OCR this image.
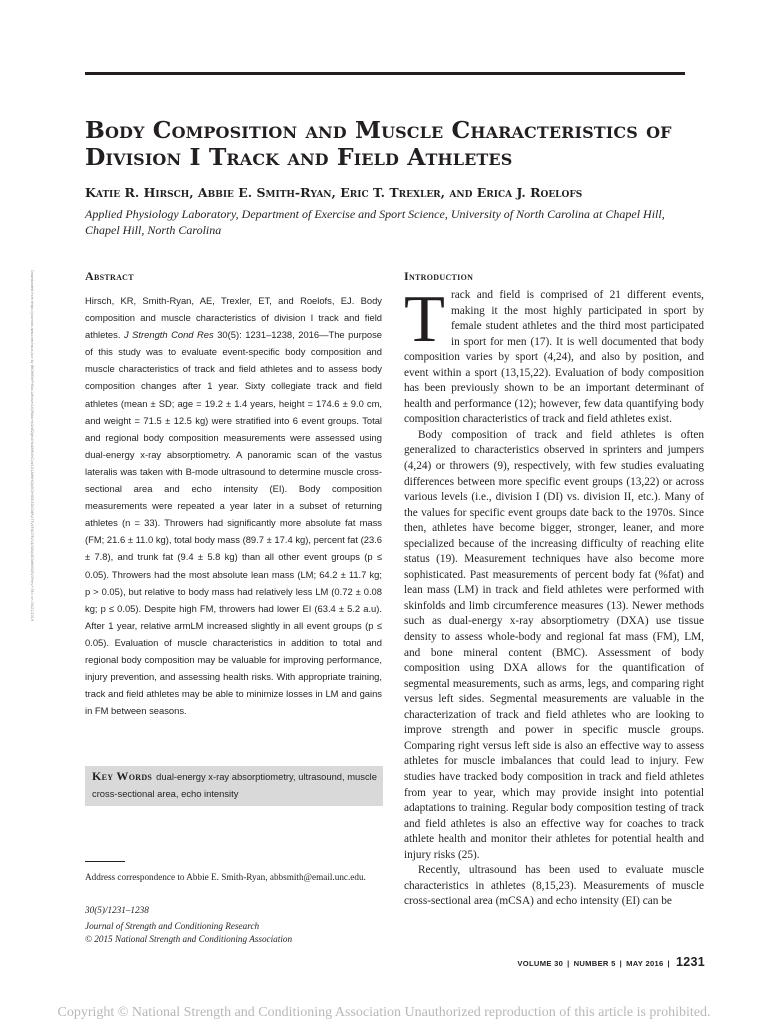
Body Composition and Muscle Characteristics of Division I Track and Field Athletes

Katie R. Hirsch, Abbie E. Smith-Ryan, Eric T. Trexler, and Erica J. Roelofs

Applied Physiology Laboratory, Department of Exercise and Sport Science, University of North Carolina at Chapel Hill, Chapel Hill, North Carolina

Downloaded from https://journals.lww.com/nsca-jscr by BhDMf5ePHKav1zEoum1tQfN4a+kJLhEZgbsIHo4XMi0hCywCX1AWnYQp/IlQrHD3i3D0OdRyi7TvSFl4Cf3VC4/OAVpDDa8KKGKV0Ymy+78= on 05/21/2019	Abstract

Hirsch, KR, Smith-Ryan, AE, Trexler, ET, and Roelofs, EJ. Body composition and muscle characteristics of division I track and field athletes. J Strength Cond Res 30(5): 1231–1238, 2016—The purpose of this study was to evaluate event-specific body composition and muscle characteristics of track and field athletes and to assess body composition changes after 1 year. Sixty collegiate track and field athletes (mean ± SD; age = 19.2 ± 1.4 years, height = 174.6 ± 9.0 cm, and weight = 71.5 ± 12.5 kg) were stratified into 6 event groups. Total and regional body composition measurements were assessed using dual-energy x-ray absorptiometry. A panoramic scan of the vastus lateralis was taken with B-mode ultrasound to determine muscle cross-sectional area and echo intensity (EI). Body composition measurements were repeated a year later in a subset of returning athletes (n = 33). Throwers had significantly more absolute fat mass (FM; 21.6 ± 11.0 kg), total body mass (89.7 ± 17.4 kg), percent fat (23.6 ± 7.8), and trunk fat (9.4 ± 5.8 kg) than all other event groups (p ≤ 0.05). Throwers had the most absolute lean mass (LM; 64.2 ± 11.7 kg; p > 0.05), but relative to body mass had relatively less LM (0.72 ± 0.08 kg; p ≤ 0.05). Despite high FM, throwers had lower EI (63.4 ± 5.2 a.u). After 1 year, relative armLM increased slightly in all event groups (p ≤ 0.05). Evaluation of muscle characteristics in addition to total and regional body composition may be valuable for improving performance, injury prevention, and assessing health risks. With appropriate training, track and field athletes may be able to minimize losses in LM and gains in FM between seasons.

Key Words dual-energy x-ray absorptiometry, ultrasound, muscle cross-sectional area, echo intensity

Address correspondence to Abbie E. Smith-Ryan, abbsmith@email.unc.edu.

30(5)/1231–1238

Journal of Strength and Conditioning Research

© 2015 National Strength and Conditioning Association

Introduction

Track and field is comprised of 21 different events, making it the most highly participated in sport by female student athletes and the third most participated in sport for men (17). It is well documented that body composition varies by sport (4,24), and also by position, and event within a sport (13,15,22). Evaluation of body composition has been previously shown to be an important determinant of health and performance (12); however, few data quantifying body composition characteristics of track and field athletes exist.

Body composition of track and field athletes is often generalized to characteristics observed in sprinters and jumpers (4,24) or throwers (9), respectively, with few studies evaluating differences between more specific event groups (13,22) or across various levels (i.e., division I (DI) vs. division II, etc.). Many of the values for specific event groups date back to the 1970s. Since then, athletes have become bigger, stronger, leaner, and more specialized because of the increasing difficulty of reaching elite status (19). Measurement techniques have also become more sophisticated. Past measurements of percent body fat (%fat) and lean mass (LM) in track and field athletes were performed with skinfolds and limb circumference measures (13). Newer methods such as dual-energy x-ray absorptiometry (DXA) use tissue density to assess whole-body and regional fat mass (FM), LM, and bone mineral content (BMC). Assessment of body composition using DXA allows for the quantification of segmental measurements, such as arms, legs, and comparing right versus left sides. Segmental measurements are valuable in the characterization of track and field athletes who are looking to improve strength and power in specific muscle groups. Comparing right versus left side is also an effective way to assess athletes for muscle imbalances that could lead to injury. Few studies have tracked body composition in track and field athletes from year to year, which may provide insight into potential adaptations to training. Regular body composition testing of track and field athletes is also an effective way for coaches to track athlete health and monitor their athletes for potential health and injury risks (25).

Recently, ultrasound has been used to evaluate muscle characteristics in athletes (8,15,23). Measurements of muscle cross-sectional area (mCSA) and echo intensity (EI) can be

VOLUME 30 | NUMBER 5 | MAY 2016 | 1231

Copyright © National Strength and Conditioning Association Unauthorized reproduction of this article is prohibited.
